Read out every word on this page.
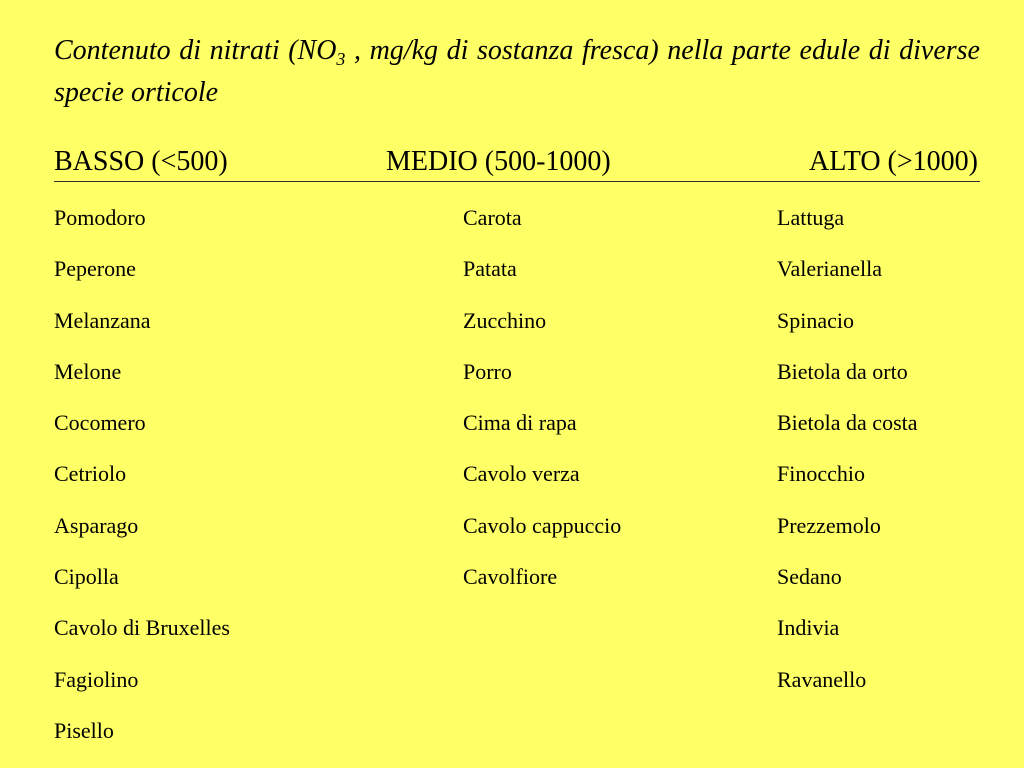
Contenuto di nitrati ($NO_3$ , mg/kg di sostanza fresca) nella parte edule di diverse specie orticole

BASSO (<500)	MEDIO (500-1000)	ALTO (>1000)
Pomodoro
Peperone
Melanzana
Melone
Cocomero
Cetriolo
Asparago
Cipolla
Cavolo di Bruxelles
Fagiolino
Pisello
Carota
Patata
Zucchino
Porro
Cima di rapa
Cavolo verza
Cavolo cappuccio
Cavolfiore
Lattuga
Valerianella
Spinacio
Bietola da orto
Bietola da costa
Finocchio
Prezzemolo
Sedano
Indivia
Ravanello
